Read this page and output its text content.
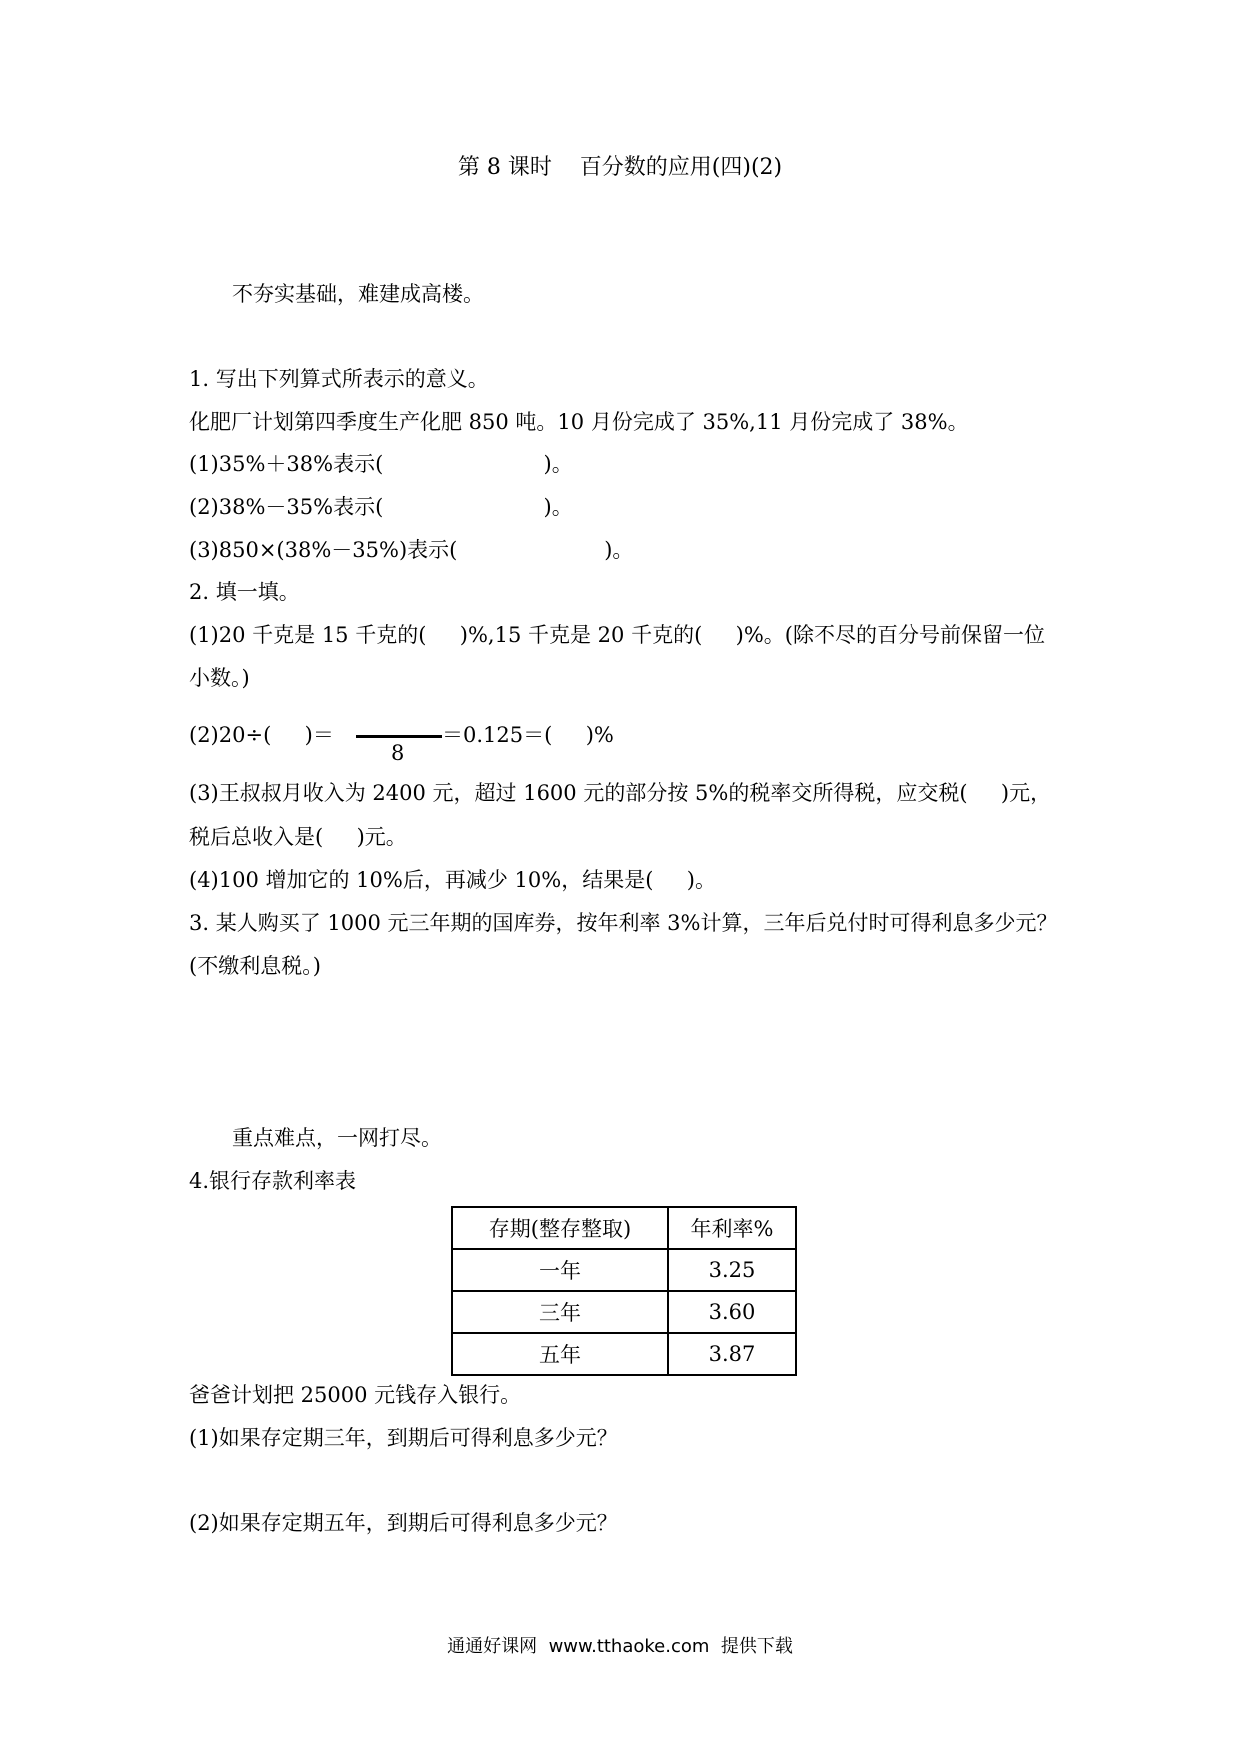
第 8 课时    百分数的应用(四)(2)
不夯实基础，难建成高楼。
1. 写出下列算式所表示的意义。
化肥厂计划第四季度生产化肥 850 吨。10 月份完成了 35%,11 月份完成了 38%。
(1)35%＋38%表示(                        )。
(2)38%－35%表示(                        )。
(3)850×(38%－35%)表示(                      )。
2. 填一填。
(1)20 千克是 15 千克的(     )%,15 千克是 20 千克的(     )%。(除不尽的百分号前保留一位
小数。)
(2)20÷(     )＝
8
＝0.125＝(     )%
(3)王叔叔月收入为 2400 元，超过 1600 元的部分按 5%的税率交所得税，应交税(     )元，
税后总收入是(     )元。
(4)100 增加它的 10%后，再减少 10%，结果是(     )。
3. 某人购买了 1000 元三年期的国库券，按年利率 3%计算，三年后兑付时可得利息多少元？
(不缴利息税。)
重点难点，一网打尽。
4.银行存款利率表
存期(整存整取)	年利率%
一年	3.25
三年	3.60
五年	3.87
爸爸计划把 25000 元钱存入银行。
(1)如果存定期三年，到期后可得利息多少元？
(2)如果存定期五年，到期后可得利息多少元？
通通好课网  www.tthaoke.com  提供下载
